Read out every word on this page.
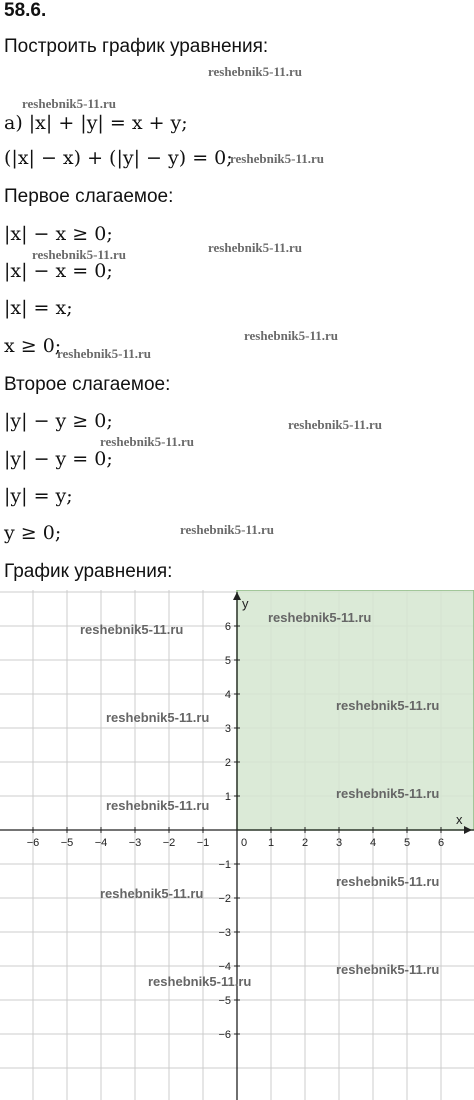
58.6.
Построить график уравнения:
а) |x| + |y| = x + y;
(|x| − x) + (|y| − y) = 0;
Первое слагаемое:
|x| − x ≥ 0;
|x| − x = 0;
|x| = x;
x ≥ 0;
Второе слагаемое:
|y| − y ≥ 0;
|y| − y = 0;
|y| = y;
y ≥ 0;
График уравнения:
reshebnik5-11.ru
reshebnik5-11.ru
reshebnik5-11.ru
reshebnik5-11.ru
reshebnik5-11.ru
reshebnik5-11.ru
reshebnik5-11.ru
reshebnik5-11.ru
reshebnik5-11.ru
reshebnik5-11.ru
−6 −5 −4 −3 −2 −1	0 1	2	3	4	5	6
−6
−5
−4
−3
−2
−1
1
2
3
4
5
6
x
y
reshebnik5-11.ru
reshebnik5-11.ru
reshebnik5-11.ru
reshebnik5-11.ru
reshebnik5-11.ru
reshebnik5-11.ru
reshebnik5-11.ru
reshebnik5-11.ru
reshebnik5-11.ru
reshebnik5-11.ru
